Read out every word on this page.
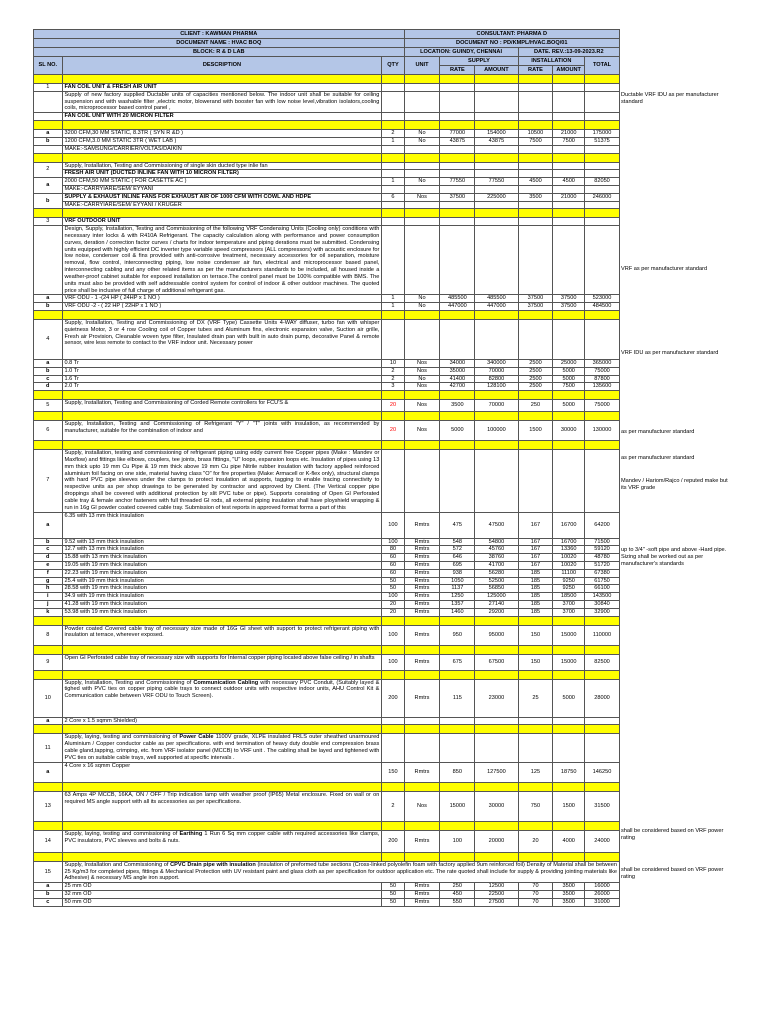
CLIENT : KAWMAN PHARMA			CONSULTANT: PHARMA D					
DOCUMENT NAME : HVAC BOQ			DOCUMENT NO : PD/KMPL/HVAC.BOQ/01					
BLOCK: R & D LAB			LOCATION: GUINDY, CHENNAI			DATE. REV.:13-09-2023.R2		
SL NO.	DESCRIPTION	QTY	UNIT	SUPPLY		INSTALLATION		TOTAL
				RATE	AMOUNT	RATE	AMOUNT	

1	FAN COIL UNIT & FRESH AIR UNIT							
	Supply of new factory supplied Ductable units of capacities mentioned below. The indoor unit shall be suitable for ceiling suspension and with washable filter ,electric motor, blowerand with booster fan with low noise level,vibration isolators,cooling coils, microprocessor based control panel ,							
	FAN COIL UNIT WITH 20 MICRON FILTER							

a	3200 CFM,30 MM STATIC, 8.3TR ( SYN R &D )	2	No	77000	154000	10500	21000	175000
b	1200 CFM,3.0 MM STATIC 3TR ( WET LAB )	1	No	43875	43875	7500	7500	51375
	MAKE:-SAMSUNG/CARRIER/VOLTAS/DAIKIN							

2	Supply, Installation, Testing and Commissioning of single skin ducted type inlie fan							
	FRESH AIR UNIT (DUCTED INLINE FAN WITH 10 MICRON FILTER)							
a	2000 CFM,50 MM STATIC ( FOR CASETTE AC )	1	No	77550	77550	4500	4500	82050
	MAKE:-CARRYIARE/SEM/ EYYANI							
b	SUPPLY & EXHAUST INLINE FANS FOR EXHAUST AIR OF 1000 CFM WITH COWL AND HDPE	6	Nos	37500	225000	3500	21000	246000
	MAKE:-CARRYIARE/SEM/ EYYANI / KRUGER							

3	VRF OUTDOOR UNIT							
	Design, Supply, Installation, Testing and Commissioning of the following VRF Condensing Units (Cooling only) conditions with necessary inter locks & with R410A Refrigerant. The capacity calculation along with performance and power consumption curves, deration / correction factor curves / charts for indoor temperature and piping derations must be submitted. Condensing units equipped with highly efficient DC inverter type variable speed compressors (ALL compressors) with acoustic enclosure for low noise, condenser coil & fins provided with anti-corrosive treatment, necessary accessories for oil separation, moisture removal, flow control, interconnecting piping, low noise condenser air fan, electrical and microprocessor based panel, interconnecting cabling and any other related items as per the manufacturers standards to be included, all housed inside a weather-proof cabinet suitable for exposed installation on terrace.The control panel must be 100% compatible with BMS. The units must also be provided with self addressable control system for control of indoor & other outdoor machines. The quoted price shall be inclusive of full charge of additional refrigerant gas.							
a	VRF ODU - 1 -(24 HP ( 24HP x 1 NO )	1	No	485500	485500	37500	37500	523000
b	VRF ODU -2 - ( 22 HP ( 22HP x 1 NO )	1	No	447000	447000	37500	37500	484500

4	Supply, Installation, Testing and Commissioning of DX (VRF Type) Cassette Units 4-WAY diffuser, turbo fan with whisper quietness Motor, 3 or 4 row Cooling coil of Copper tubes and Aluminum fins, electronic expansion valve, Suction air grille, Fresh air Provision, Cleanable woven type filter, Insulated drain pan with built in auto drain pump, decorative Panel & remote sensor, wire less remote to contact to the VRF indoor unit. Necessary power							
a	0.8 Tr	10	Nos	34000	340000	2500	25000	365000
b	1.0 Tr	2	Nos	35000	70000	2500	5000	75000
c	1.6 Tr	2	No	41400	82800	2500	5000	87800
d	2.0 Tr	3	Nos	42700	128100	2500	7500	135600

5	Supply, Installation, Testing and Commissioning of Corded Remote controllers for FCU'S &	20	Nos	3500	70000	250	5000	75000

6	Supply, Installation, Testing and Commissioning of Refrigerant "Y" / "T" joints with insulation, as recommended by manufacturer, suitable for the combination of indoor and	20	Nos	5000	100000	1500	30000	130000

7	Supply, installation, testing and commissioning of refrigerant piping using eddy current free Copper pipes (Make : Mandev or Maxflow) and fittings like elbows, couplers, tee joints, brass fittings, "U" loops, expansion loops etc. Insulation of pipes using 13 mm thick upto 19 mm Cu Pipe & 19 mm thick above 19 mm Cu pipe Nitrile rubber insulation with factory applied reinforced aluminium foil facing on one side, material having class "O" for fire properties (Make: Armacell or K-flex only), structural clamps with hard PVC pipe sleeves under the clamps to protect insulation at supports, tagging to enable tracing connectivity to respective units as per shop drawings to be generated by contractor and approved by Client. (The Vertical copper pipe droppings shall be covered with additional protection by slit PVC tube or pipe). Supports consisting of Open GI Perforated cable tray & female anchor fasteners with full threaded GI rods, all external piping insulation shall have ployshield wrapping & run in 16g GI powder coated covered cable tray. Submission of test reports in approved format forms a part of this							
a	6.35 with 13 mm thick insulation	100	Rmtrs	475	47500	167	16700	64200
b	9.52 with 13 mm thick insulation	100	Rmtrs	548	54800	167	16700	71500
c	12.7 with 13 mm thick insulation	80	Rmtrs	572	45760	167	13360	59120
d	15.88 with 13 mm thick insulation	60	Rmtrs	646	38760	167	10020	48780
e	19.05 with 19 mm thick insulation	60	Rmtrs	695	41700	167	10020	51720
f	22.23 with 19 mm thick insulation	60	Rmtrs	938	56280	185	11100	67380
g	25.4 with 19 mm thick insulation	50	Rmtrs	1050	52500	185	9250	61750
h	28.58 with 19 mm thick insulation	50	Rmtrs	1137	56850	185	9250	66100
i	34.9 with 19 mm thick insulation	100	Rmtrs	1250	125000	185	18500	143500
j	41.28 with 19 mm thick insulation	20	Rmtrs	1357	27140	185	3700	30840
k	53.98 with 19 mm thick insulation	20	Rmtrs	1460	29200	185	3700	32900

8	Powder coated Covered cable tray of necessary size made of 16G GI sheet with support to protect refrigerant piping with insulation at terrace, wherever exposed.	100	Rmtrs	950	95000	150	15000	110000

9	Open GI Perforated cable tray of necessary size with supports for Internal copper piping located above false ceiling / in shafts	100	Rmtrs	675	67500	150	15000	82500

10	Supply, Installation, Testing and Commissioning of Communication Cabling with necessary PVC Conduit, (Suitably layed & tighed with PVC ties on copper piping cable trays to connect outdoor units with respective indoor units, AHU Control Kit & Communication cable between VRF ODU to Touch Screen).	200	Rmtrs	115	23000	25	5000	28000
a	2 Core x 1.5 sqmm Shielded)							

11	Supply, laying, testing and commissioning of Power Cable 1100V grade, XLPE insulated FRLS outer sheathed unarmoured Aluminium / Copper conductor cable as per specifications. with end termination of heavy duty double end compression brass cable gland,tapping, crimping, etc. from VRF isolator panel (MCCB) to VRF unit . The cabling shall be layed and tightened with PVC ties on suitable cable trays, well supported at specific intervals .							
a	4 Core x 16 sqmm Copper	150	Rmtrs	850	127500	125	18750	146250

13	63 Amps 4P MCCB, 16KA, ON / OFF / Trip indication lamp with weather proof (IP65) Metal enclosure. Fixed on wall or on required MS angle support with all its accessories as per specifications.	2	Nos	15000	30000	750	1500	31500

14	Supply, laying, testing and commissioning of Earthing 1 Run 6 Sq mm copper cable with required accessories like clamps, PVC insulators, PVC sleeves and bolts & nuts.	200	Rmtrs	100	20000	20	4000	24000

15	Supply, Installation and Commissioning of CPVC Drain pipe with insulation (insulation of preformed tube sections (Cross-linked polyolefin foam with factory applied 9um reinforced foil) Density of Material shall be between 25 Kg/m3 for completed pipes, fittings & Mechanical Protection with UV resistant paint and glass cloth as per specification for outdoor application etc. The rate quoted shall include for supply & providing jointing materials like Adhesive) & necessary MS angle iron support.							
a	25 mm OD	50	Rmtrs	250	12500	70	3500	16000
b	32 mm OD	50	Rmtrs	450	22500	70	3500	26000
c	50 mm OD	50	Rmtrs	550	27500	70	3500	31000
Ductable VRF IDU as per manufacturer standard
VRF as per manufacturer standard
VRF IDU as per manufacturer standard
as per manufacturer standard
as per manufacturer standard
Mandev / Hariom/Rajco / reputed make but its VRF grade
up to 3/4" -soft pipe and above -Hard pipe. Sizing shall be worked out as per manufacturer's standards
shall be considered based on VRF power rating
shall be considered based on VRF power rating
